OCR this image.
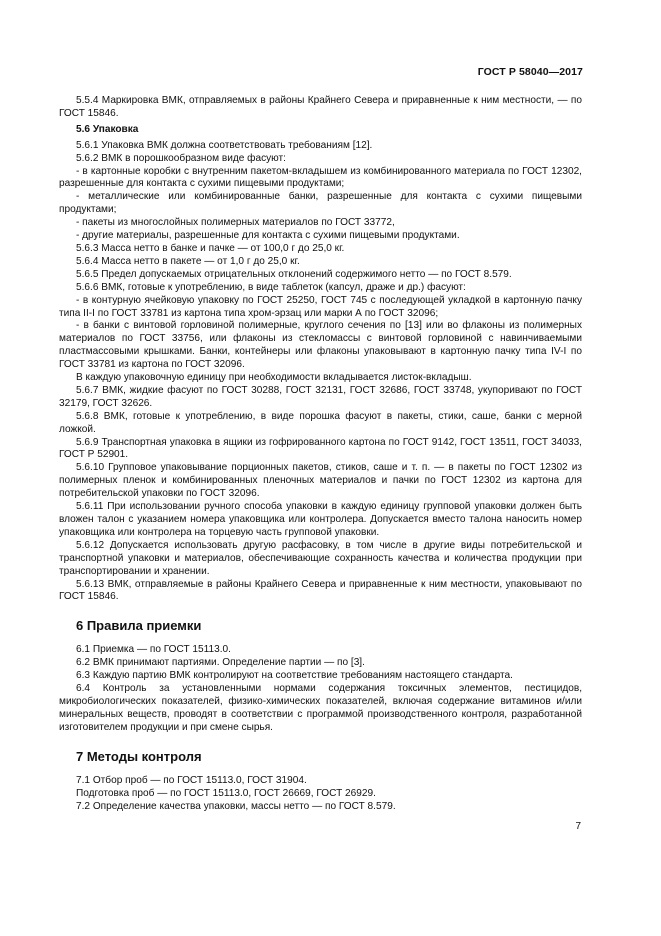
ГОСТ Р 58040—2017

5.5.4 Маркировка ВМК, отправляемых в районы Крайнего Севера и приравненные к ним местности, — по ГОСТ 15846.

5.6 Упаковка

5.6.1 Упаковка ВМК должна соответствовать требованиям [12].

5.6.2 ВМК в порошкообразном виде фасуют:

- в картонные коробки с внутренним пакетом-вкладышем из комбинированного материала по ГОСТ 12302, разрешенные для контакта с сухими пищевыми продуктами;

- металлические или комбинированные банки, разрешенные для контакта с сухими пищевыми продуктами;

- пакеты из многослойных полимерных материалов по ГОСТ 33772,

- другие материалы, разрешенные для контакта с сухими пищевыми продуктами.

5.6.3 Масса нетто в банке и пачке — от 100,0 г до 25,0 кг.

5.6.4 Масса нетто в пакете — от 1,0 г до 25,0 кг.

5.6.5 Предел допускаемых отрицательных отклонений содержимого нетто — по ГОСТ 8.579.

5.6.6 ВМК, готовые к употреблению, в виде таблеток (капсул, драже и др.) фасуют:

- в контурную ячейковую упаковку по ГОСТ 25250, ГОСТ 745 с последующей укладкой в картонную пачку типа II-I по ГОСТ 33781 из картона типа хром-эрзац или марки А по ГОСТ 32096;

- в банки с винтовой горловиной полимерные, круглого сечения по [13] или во флаконы из полимерных материалов по ГОСТ 33756, или флаконы из стекломассы с винтовой горловиной с навинчиваемыми пластмассовыми крышками. Банки, контейнеры или флаконы упаковывают в картонную пачку типа IV-I по ГОСТ 33781 из картона по ГОСТ 32096.

В каждую упаковочную единицу при необходимости вкладывается листок-вкладыш.

5.6.7 ВМК, жидкие фасуют по ГОСТ 30288, ГОСТ 32131, ГОСТ 32686, ГОСТ 33748, укупоривают по ГОСТ 32179, ГОСТ 32626.

5.6.8 ВМК, готовые к употреблению, в виде порошка фасуют в пакеты, стики, саше, банки с мерной ложкой.

5.6.9 Транспортная упаковка в ящики из гофрированного картона по ГОСТ 9142, ГОСТ 13511, ГОСТ 34033, ГОСТ Р 52901.

5.6.10 Групповое упаковывание порционных пакетов, стиков, саше и т. п. — в пакеты по ГОСТ 12302 из полимерных пленок и комбинированных пленочных материалов и пачки по ГОСТ 12302 из картона для потребительской упаковки по ГОСТ 32096.

5.6.11 При использовании ручного способа упаковки в каждую единицу групповой упаковки должен быть вложен талон с указанием номера упаковщика или контролера. Допускается вместо талона наносить номер упаковщика или контролера на торцевую часть групповой упаковки.

5.6.12 Допускается использовать другую расфасовку, в том числе в другие виды потребительской и транспортной упаковки и материалов, обеспечивающие сохранность качества и количества продукции при транспортировании и хранении.

5.6.13 ВМК, отправляемые в районы Крайнего Севера и приравненные к ним местности, упаковывают по ГОСТ 15846.

6 Правила приемки

6.1 Приемка — по ГОСТ 15113.0.

6.2 ВМК принимают партиями. Определение партии — по [3].

6.3 Каждую партию ВМК контролируют на соответствие требованиям настоящего стандарта.

6.4 Контроль за установленными нормами содержания токсичных элементов, пестицидов, микробиологических показателей, физико-химических показателей, включая содержание витаминов и/или минеральных веществ, проводят в соответствии с программой производственного контроля, разработанной изготовителем продукции и при смене сырья.

7 Методы контроля

7.1 Отбор проб — по ГОСТ 15113.0, ГОСТ 31904.

Подготовка проб — по ГОСТ 15113.0, ГОСТ 26669, ГОСТ 26929.

7.2 Определение качества упаковки, массы нетто — по ГОСТ 8.579.

7
